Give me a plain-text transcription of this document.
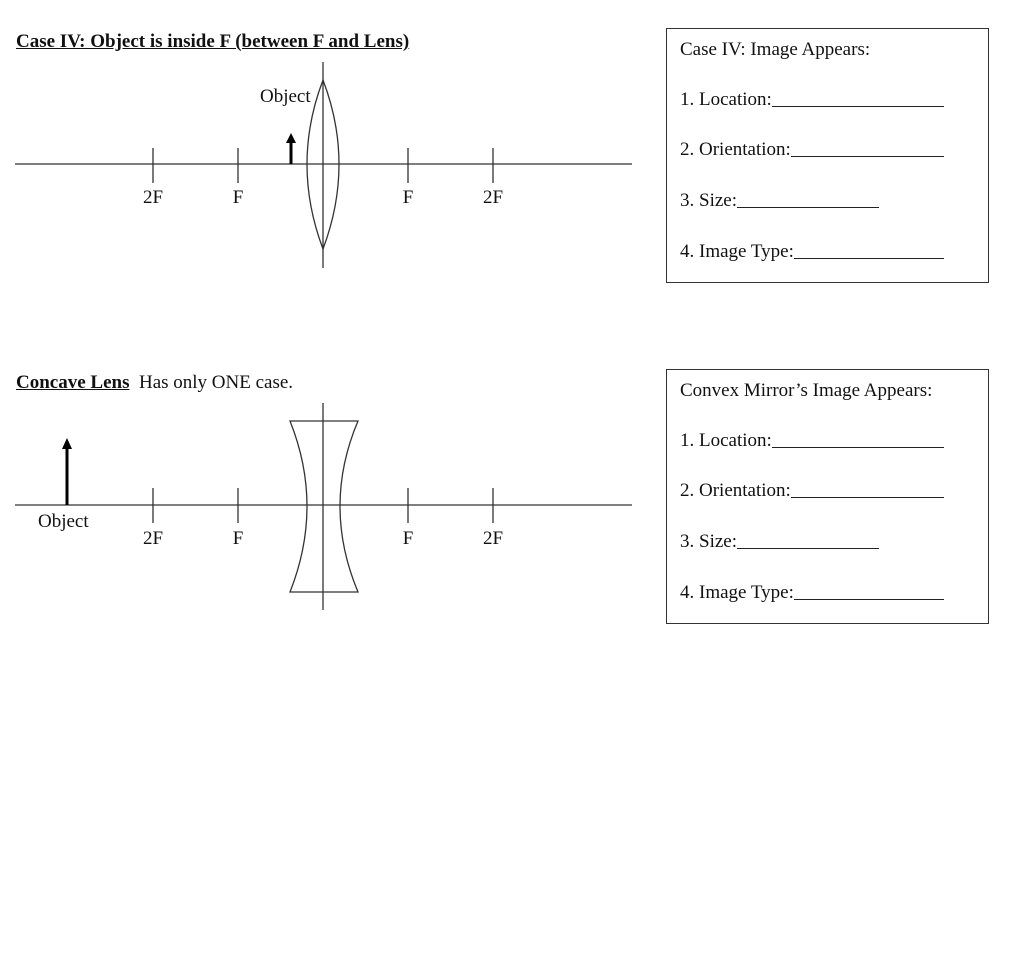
Case IV: Object is inside F (between F and Lens)
Object
2F	F	F	2F
Object
2F	F	F	2F
Concave Lens Has only ONE case.
Case IV: Image Appears:
1. Location:
2. Orientation:
3. Size:
4. Image Type:
Convex Mirror’s Image Appears:
1. Location:
2. Orientation:
3. Size:
4. Image Type:
